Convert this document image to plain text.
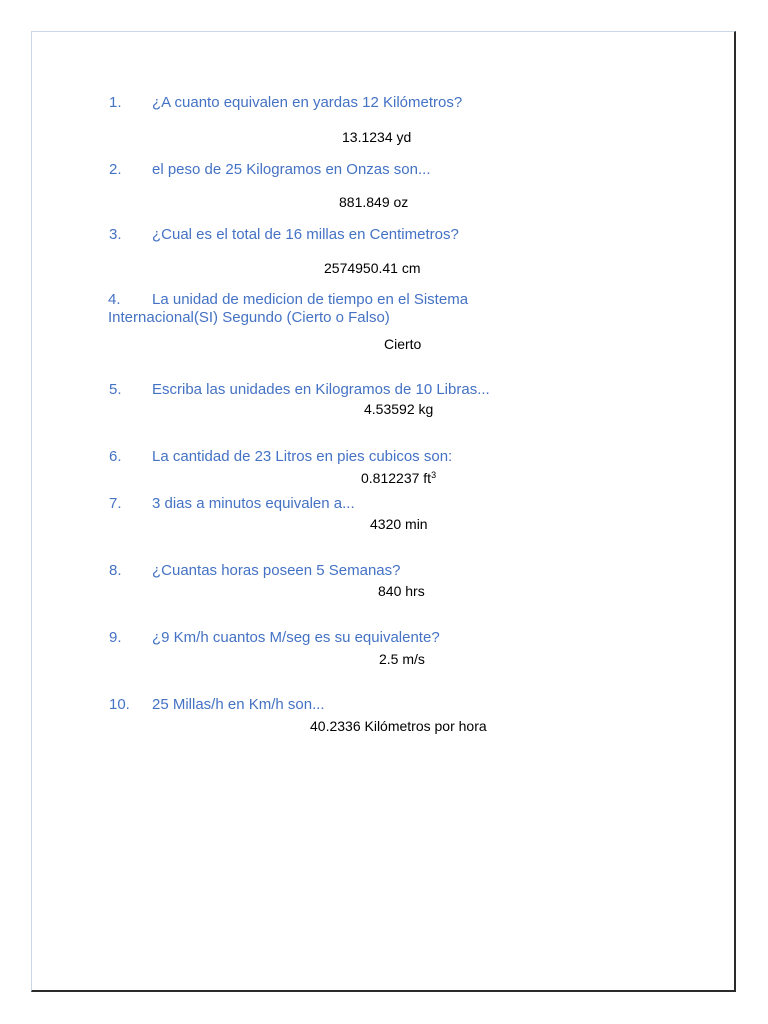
1. ¿A cuanto equivalen en yardas 12 Kilómetros?
13.1234 yd
2. el peso de 25 Kilogramos en Onzas son...
881.849 oz
3. ¿Cual es el total de 16 millas en Centimetros?
2574950.41 cm
4. La unidad de medicion de tiempo en el Sistema Internacional(SI) Segundo (Cierto o Falso)
Cierto
5. Escriba las unidades en Kilogramos de 10 Libras...
4.53592 kg
6. La cantidad de 23 Litros en pies cubicos son:
0.812237 $ft^3$
7. 3 dias a minutos equivalen a...
4320 min
8. ¿Cuantas horas poseen 5 Semanas?
840 hrs
9. ¿9 Km/h cuantos M/seg es su equivalente?
2.5 m/s
10. 25 Millas/h en Km/h son...
40.2336 Kilómetros por hora
